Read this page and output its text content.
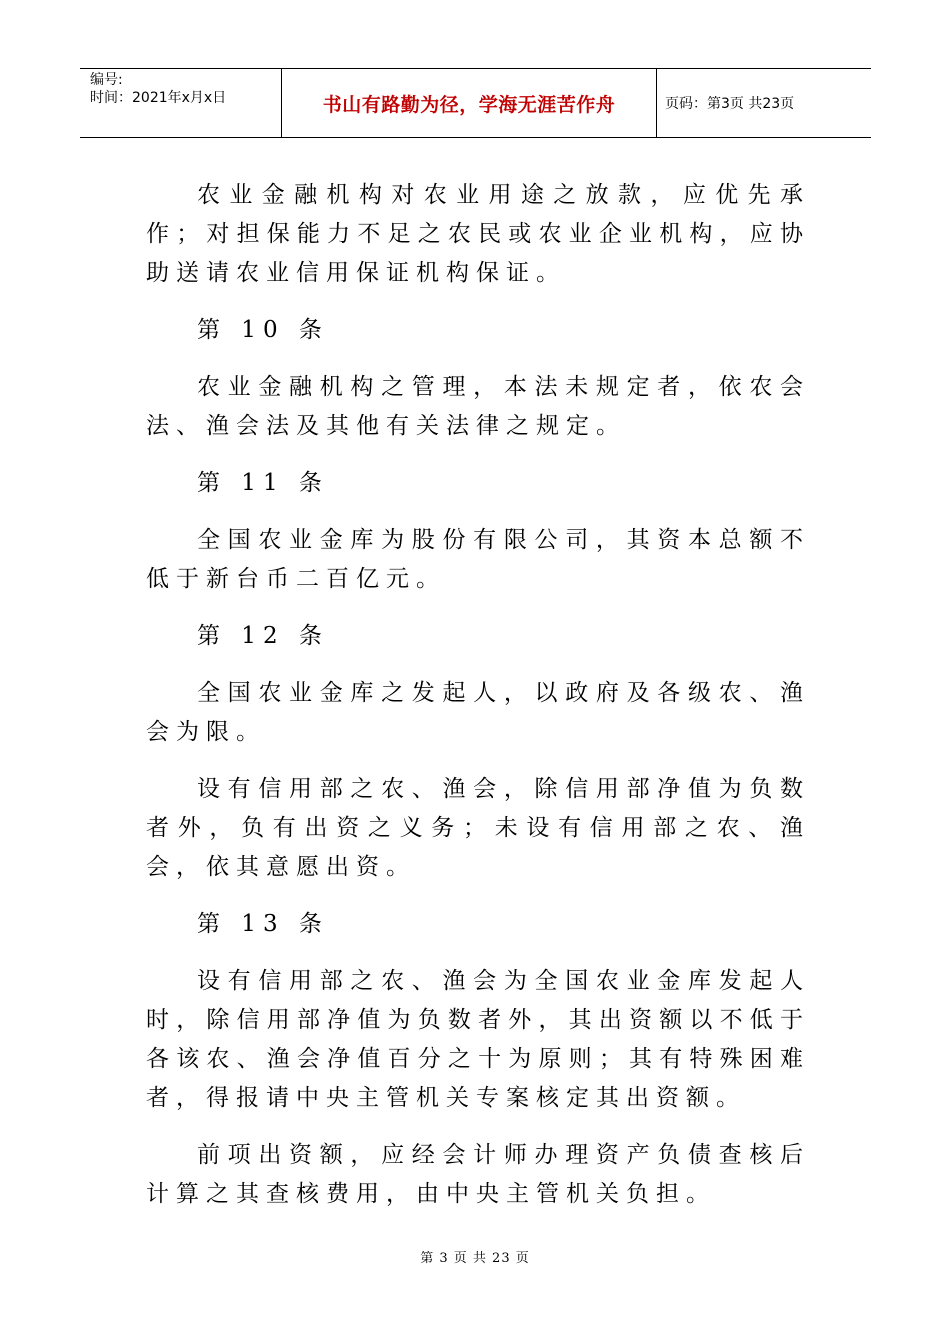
编号:
时间：2021年x月x日	书山有路勤为径，学海无涯苦作舟	页码：第3页 共23页

农业金融机构对农业用途之放款，应优先承作；对担保能力不足之农民或农业企业机构，应协助送请农业信用保证机构保证。

第 10 条

农业金融机构之管理，本法未规定者，依农会法、渔会法及其他有关法律之规定。

第 11 条

全国农业金库为股份有限公司，其资本总额不低于新台币二百亿元。

第 12 条

全国农业金库之发起人，以政府及各级农、渔会为限。

设有信用部之农、渔会，除信用部净值为负数者外，负有出资之义务；未设有信用部之农、渔会，依其意愿出资。

第 13 条

设有信用部之农、渔会为全国农业金库发起人时，除信用部净值为负数者外，其出资额以不低于各该农、渔会净值百分之十为原则；其有特殊困难者，得报请中央主管机关专案核定其出资额。

前项出资额，应经会计师办理资产负债查核后计算之其查核费用，由中央主管机关负担。

第 3 页 共 23 页
